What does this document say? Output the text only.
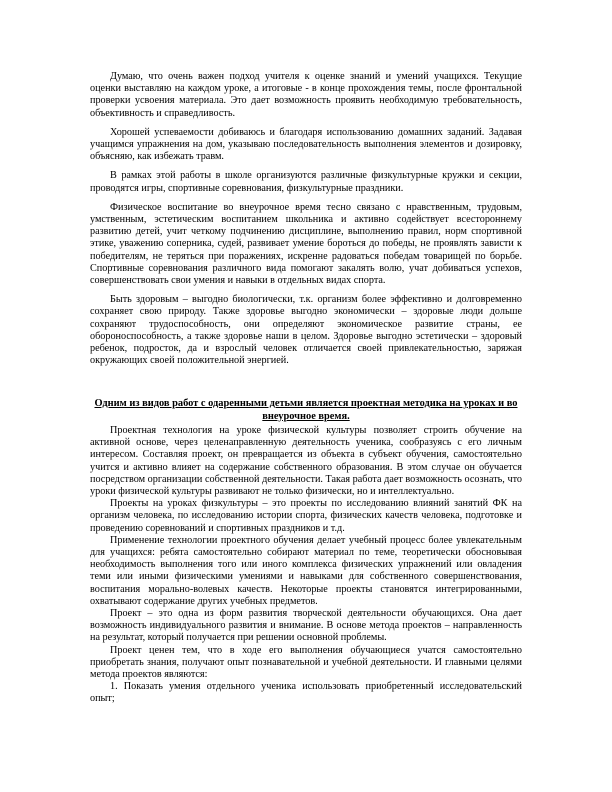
Думаю, что очень важен подход учителя к оценке знаний и умений учащихся. Текущие оценки выставляю на каждом уроке, а итоговые - в конце прохождения темы, после фронтальной проверки усвоения материала. Это дает возможность проявить необходимую требовательность, объективность и справедливость.

Хорошей успеваемости добиваюсь и благодаря использованию домашних заданий. Задавая учащимся упражнения на дом, указываю последовательность выполнения элементов и дозировку, объясняю, как избежать травм.

В рамках этой работы в школе организуются различные физкультурные кружки и секции, проводятся игры, спортивные соревнования, физкультурные праздники.

Физическое воспитание во внеурочное время тесно связано с нравственным, трудовым, умственным, эстетическим воспитанием школьника и активно содействует всестороннему развитию детей, учит четкому подчинению дисциплине, выполнению правил, норм спортивной этике, уважению соперника, судей, развивает умение бороться до победы, не проявлять зависти к победителям, не теряться при поражениях, искренне радоваться победам товарищей по борьбе. Спортивные соревнования различного вида помогают закалять волю, учат добиваться успехов, совершенствовать свои умения и навыки в отдельных видах спорта.

Быть здоровым – выгодно биологически, т.к. организм более эффективно и долговременно сохраняет свою природу. Также здоровье выгодно экономически – здоровые люди дольше сохраняют трудоспособность, они определяют экономическое развитие страны, ее обороноспособность, а также здоровье наши в целом. Здоровье выгодно эстетически – здоровый ребенок, подросток, да и взрослый человек отличается своей привлекательностью, заряжая окружающих своей положительной энергией.

Одним из видов работ с одаренными детьми является проектная методика на уроках и во внеурочное время.

Проектная технология на уроке физической культуры позволяет строить обучение на активной основе, через целенаправленную деятельность ученика, сообразуясь с его личным интересом. Составляя проект, он превращается из объекта в субъект обучения, самостоятельно учится и активно влияет на содержание собственного образования. В этом случае он обучается посредством организации собственной деятельности. Такая работа дает возможность осознать, что уроки физической культуры развивают не только физически, но и интеллектуально.

Проекты на уроках физкультуры – это проекты по исследованию влияний занятий ФК на организм человека, по исследованию истории спорта, физических качеств человека, подготовке и проведению соревнований и спортивных праздников и т.д.

Применение технологии проектного обучения делает учебный процесс более увлекательным для учащихся: ребята самостоятельно собирают материал по теме, теоретически обосновывая необходимость выполнения того или иного комплекса физических упражнений или овладения теми или иными физическими умениями и навыками для собственного совершенствования, воспитания морально-волевых качеств. Некоторые проекты становятся интегрированными, охватывают содержание других учебных предметов.

Проект – это одна из форм развития творческой деятельности обучающихся. Она дает возможность индивидуального развития и внимание. В основе метода проектов – направленность на результат, который получается при решении основной проблемы.

Проект ценен тем, что в ходе его выполнения обучающиеся учатся самостоятельно приобретать знания, получают опыт познавательной и учебной деятельности. И главными целями метода проектов являются:

1. Показать умения отдельного ученика использовать приобретенный исследовательский опыт;
